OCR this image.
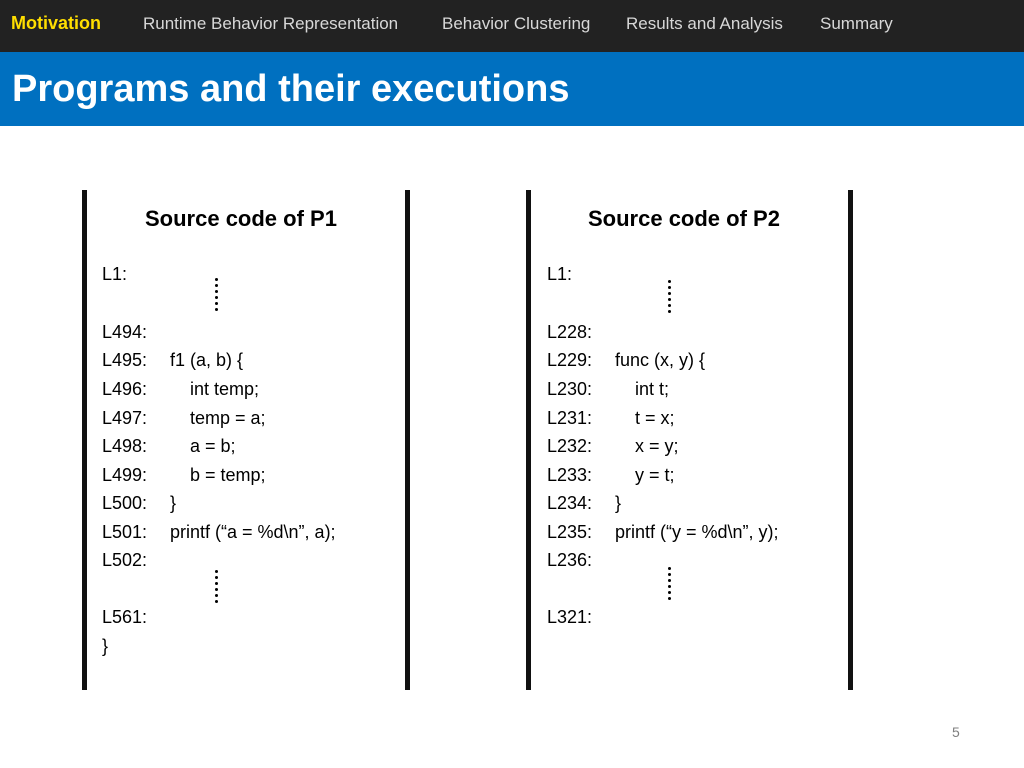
Motivation Runtime Behavior Representation	Behavior Clustering Results and Analysis Summary
Programs and their executions
Source code of P1	Source code of P2
L1:
L494:
L495: f1 (a, b) {
L496: int temp;
L497: temp = a;
L498: a = b;
L499: b = temp;
L500: }
L501: printf (“a = %d\n”, a);
L502:
L561:
}
L1:
L228:
L229: func (x, y) {
L230: int t;
L231: t = x;
L232: x = y;
L233: y = t;
L234: }
L235: printf (“y = %d\n”, y);
L236:
L321:
5
